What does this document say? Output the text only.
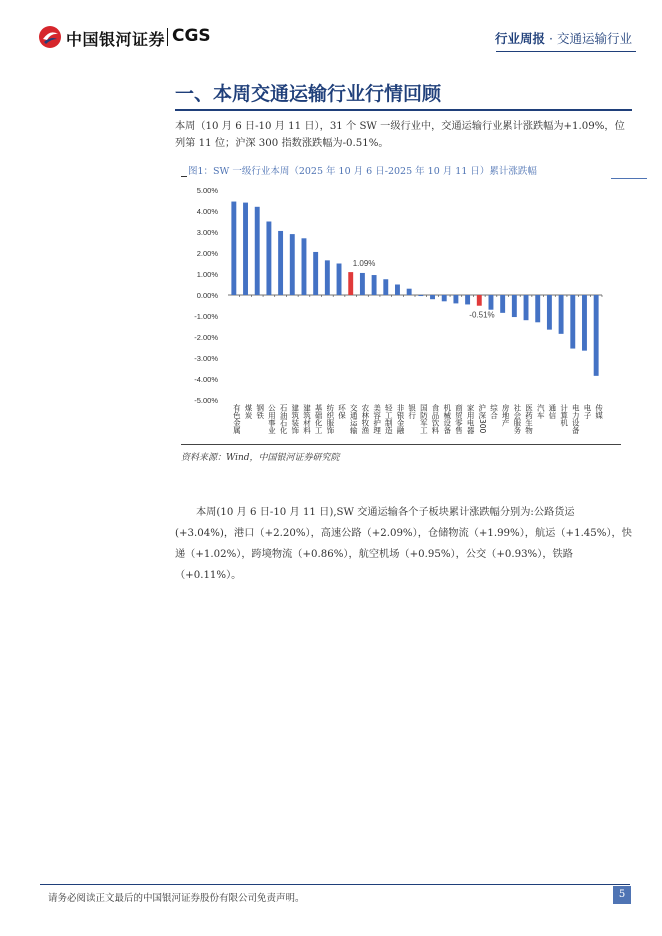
中国银河证券 CGS	行业周报 · 交通运输行业
一、本周交通运输行业行情回顾
本周（10 月 6 日-10 月 11 日），31 个 SW 一级行业中，交通运输行业累计涨跌幅为+1.09%，位列第 11 位；沪深 300 指数涨跌幅为-0.51%。
图1：SW 一级行业本周（2025 年 10 月 6 日-2025 年 10 月 11 日）累计涨跌幅
5.00%
4.00%
3.00%
2.00%
1.00%
0.00%
-1.00%
-2.00%
-3.00%
-4.00%
-5.00%
有色金属 煤炭 钢铁 公用事业 石油石化 建筑装饰 建筑材料 基础化工 纺织服饰 环保 交通运输
1.09%
农林牧渔 美容护理 轻工制造 非银金融 银行 国防军工 食品饮料 机械设备 商贸零售 家用电器 沪深300
-0.51%
综合 房地产 社会服务 医药生物 汽车 通信 计算机 电力设备 电子 传媒
资料来源：Wind，中国银河证券研究院
本周(10 月 6 日-10 月 11 日),SW 交通运输各个子板块累计涨跌幅分别为:公路货运(+3.04%)，港口（+2.20%），高速公路（+2.09%），仓储物流（+1.99%），航运（+1.45%），快递（+1.02%），跨境物流（+0.86%），航空机场（+0.95%），公交（+0.93%），铁路（+0.11%）。
请务必阅读正文最后的中国银河证券股份有限公司免责声明。	5
